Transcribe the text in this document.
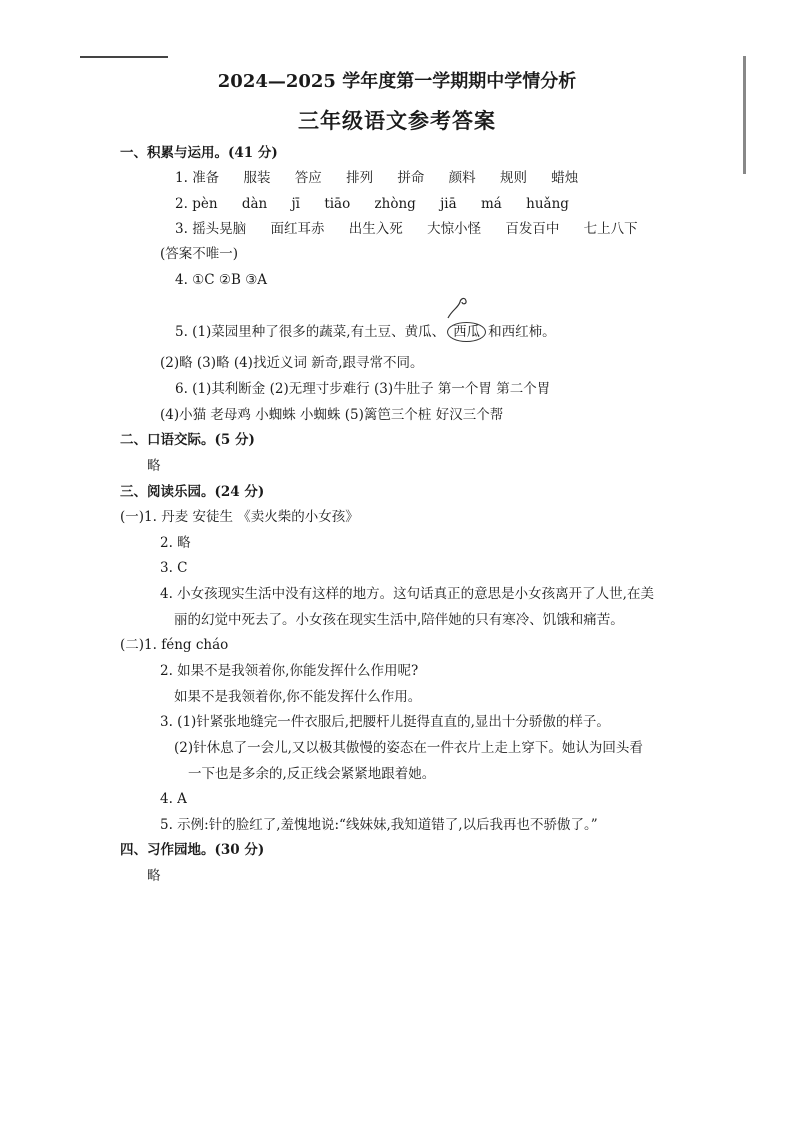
2024—2025 学年度第一学期期中学情分析
三年级语文参考答案
一、积累与运用。(41 分)
1. 准备 服装 答应 排列 拼命 颜料 规则 蜡烛
2. pèn dàn jī tiāo zhòng jiā má huǎng
3. 摇头晃脑 面红耳赤 出生入死 大惊小怪 百发百中 七上八下
(答案不唯一)
4. ①C ②B ③A
5. (1)菜园里种了很多的蔬菜,有土豆、黄瓜、 西瓜 和西红柿。
(2)略 (3)略 (4)找近义词 新奇,跟寻常不同。
6. (1)其利断金 (2)无理寸步难行 (3)牛肚子 第一个胃 第二个胃
(4)小猫 老母鸡 小蜘蛛 小蜘蛛 (5)篱笆三个桩 好汉三个帮
二、口语交际。(5 分)
略
三、阅读乐园。(24 分)
(一)1. 丹麦 安徒生 《卖火柴的小女孩》
2. 略
3. C
4. 小女孩现实生活中没有这样的地方。这句话真正的意思是小女孩离开了人世,在美
丽的幻觉中死去了。小女孩在现实生活中,陪伴她的只有寒冷、饥饿和痛苦。
(二)1. féng cháo
2. 如果不是我领着你,你能发挥什么作用呢?
如果不是我领着你,你不能发挥什么作用。
3. (1)针紧张地缝完一件衣服后,把腰杆儿挺得直直的,显出十分骄傲的样子。
(2)针休息了一会儿,又以极其傲慢的姿态在一件衣片上走上穿下。她认为回头看
一下也是多余的,反正线会紧紧地跟着她。
4. A
5. 示例:针的脸红了,羞愧地说:“线妹妹,我知道错了,以后我再也不骄傲了。”
四、习作园地。(30 分)
略
